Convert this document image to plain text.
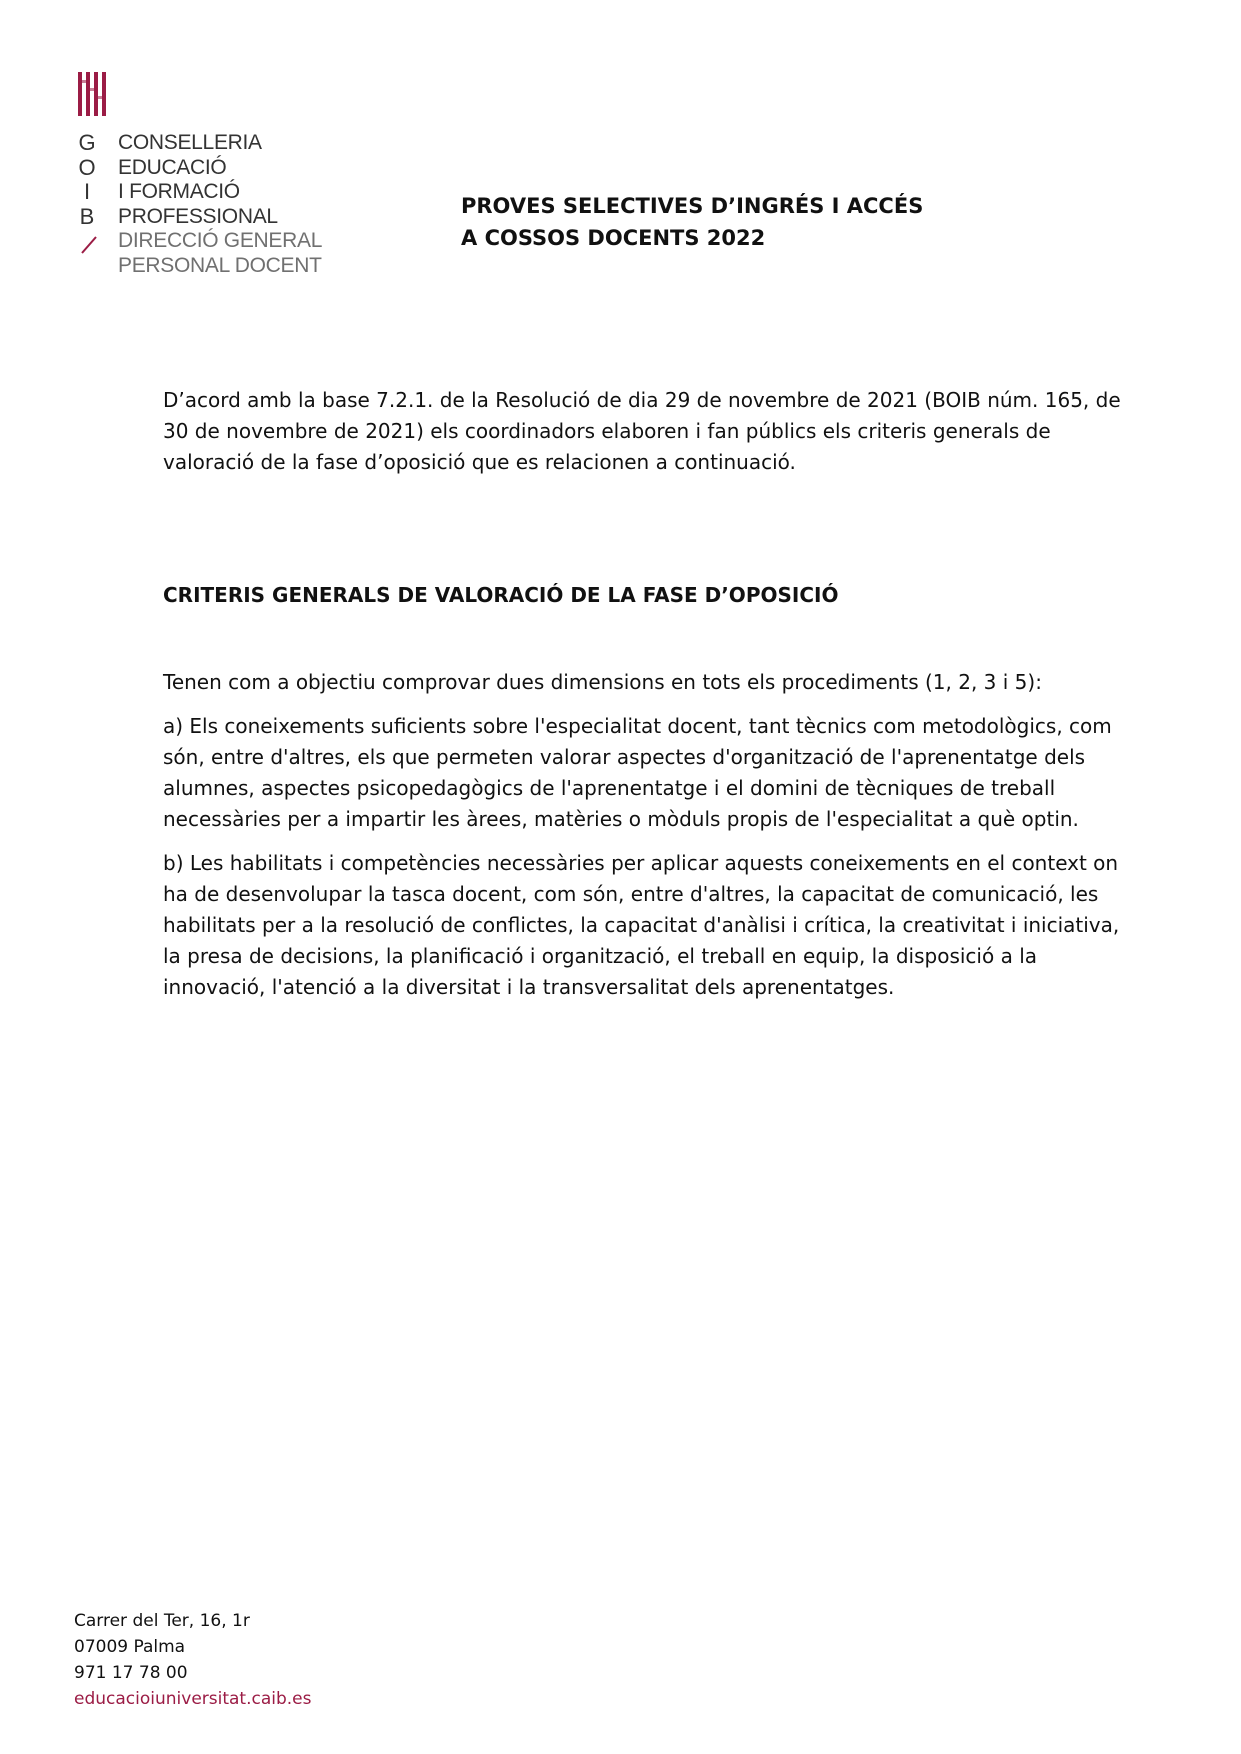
G
O
I
B
CONSELLERIA
EDUCACIÓ
I FORMACIÓ
PROFESSIONAL
DIRECCIÓ GENERAL
PERSONAL DOCENT
PROVES SELECTIVES D’INGRÉS I ACCÉS
A COSSOS DOCENTS 2022

D’acord amb la base 7.2.1. de la Resolució de dia 29 de novembre de 2021 (BOIB núm. 165, de 30 de novembre de 2021) els coordinadors elaboren i fan públics els criteris generals de valoració de la fase d’oposició que es relacionen a continuació.

CRITERIS GENERALS DE VALORACIÓ DE LA FASE D’OPOSICIÓ

Tenen com a objectiu comprovar dues dimensions en tots els procediments (1, 2, 3 i 5):

a) Els coneixements suficients sobre l'especialitat docent, tant tècnics com metodològics, com són, entre d'altres, els que permeten valorar aspectes d'organització de l'aprenentatge dels alumnes, aspectes psicopedagògics de l'aprenentatge i el domini de tècniques de treball necessàries per a impartir les àrees, matèries o mòduls propis de l'especialitat a què optin.

b) Les habilitats i competències necessàries per aplicar aquests coneixements en el context on ha de desenvolupar la tasca docent, com són, entre d'altres, la capacitat de comunicació, les habilitats per a la resolució de conflictes, la capacitat d'anàlisi i crítica, la creativitat i iniciativa, la presa de decisions, la planificació i organització, el treball en equip, la disposició a la innovació, l'atenció a la diversitat i la transversalitat dels aprenentatges.

Carrer del Ter, 16, 1r
07009 Palma
971 17 78 00
educacioiuniversitat.caib.es
